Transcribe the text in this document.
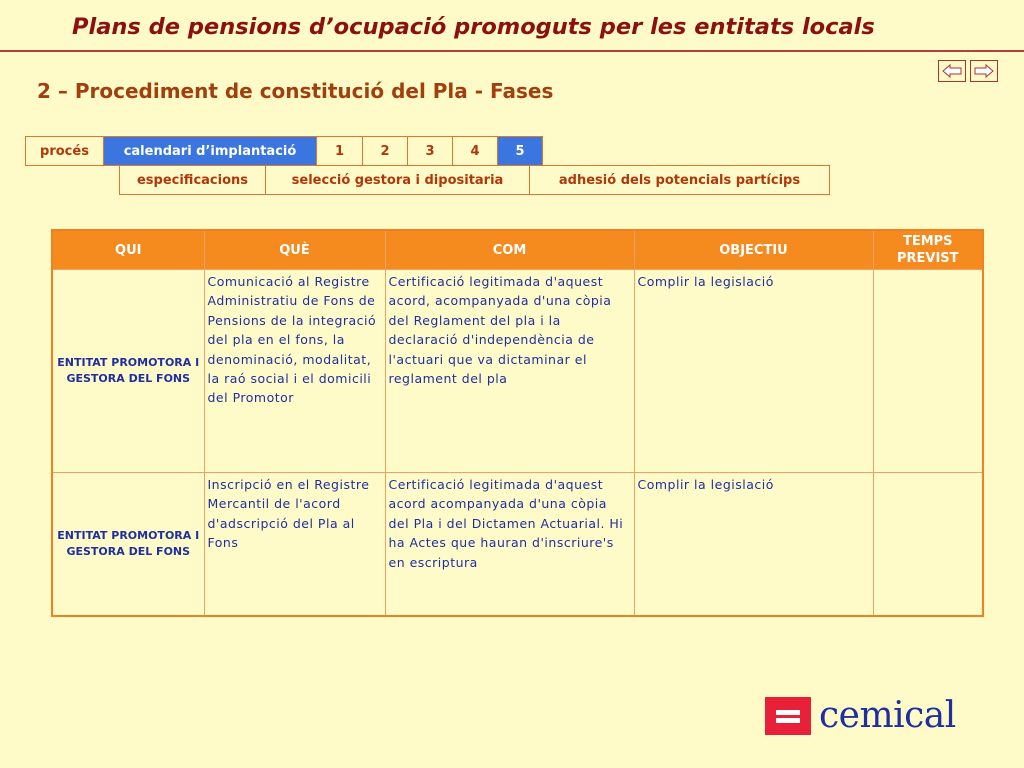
Plans de pensions d’ocupació promoguts per les entitats locals
2 – Procediment de constitució del Pla - Fases
procés	calendari d’implantació	1	2	3	4	5
especificacions	selecció gestora i dipositaria	adhesió dels potencials partícips
QUI	QUÈ	COM	OBJECTIU	TEMPS PREVIST
ENTITAT PROMOTORA I GESTORA DEL FONS	Comunicació al Registre Administratiu de Fons de Pensions de la integració del pla en el fons, la denominació, modalitat, la raó social i el domicili del Promotor	Certificació legitimada d'aquest acord, acompanyada d'una còpia del Reglament del pla i la declaració d'independència de l'actuari que va dictaminar el reglament del pla	Complir la legislació	
ENTITAT PROMOTORA I GESTORA DEL FONS	Inscripció en el Registre Mercantil de l'acord d'adscripció del Pla al Fons	Certificació legitimada d'aquest acord acompanyada d'una còpia del Pla i del Dictamen Actuarial. Hi ha Actes que hauran d'inscriure's en escriptura	Complir la legislació	
cemical
